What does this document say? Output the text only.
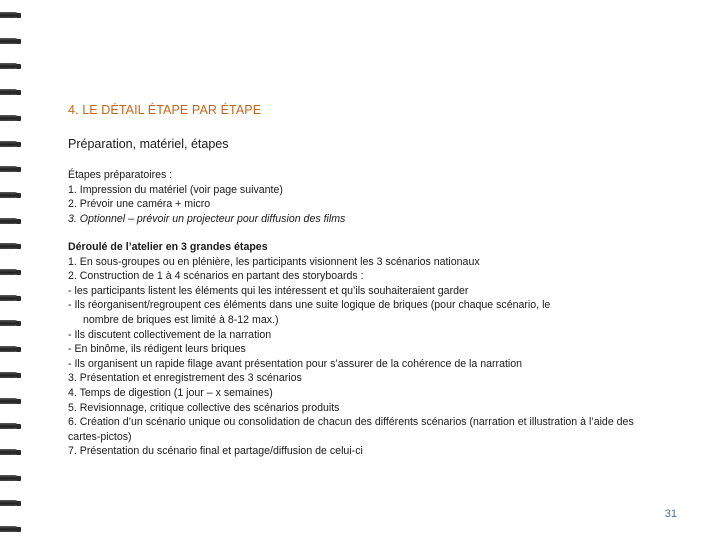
4. LE DÉTAIL ÉTAPE PAR ÉTAPE
Préparation, matériel, étapes
Étapes préparatoires :
1. Impression du matériel (voir page suivante)
2. Prévoir une caméra + micro
3. Optionnel – prévoir un projecteur pour diffusion des films
Déroulé de l’atelier en 3 grandes étapes
1. En sous-groupes ou en plénière, les participants visionnent les 3 scénarios nationaux
2. Construction de 1 à 4 scénarios en partant des storyboards :
- les participants listent les éléments qui les intéressent et qu’ils souhaiteraient garder
- Ils réorganisent/regroupent ces éléments dans une suite logique de briques (pour chaque scénario, le
nombre de briques est limité à 8-12 max.)
- Ils discutent collectivement de la narration
- En binôme, ils rédigent leurs briques
- Ils organisent un rapide filage avant présentation pour s’assurer de la cohérence de la narration
3. Présentation et enregistrement des 3 scénarios
4. Temps de digestion (1 jour – x semaines)
5. Revisionnage, critique collective des scénarios produits
6. Création d’un scénario unique ou consolidation de chacun des différents scénarios (narration et illustration à l’aide des cartes-pictos)
7. Présentation du scénario final et partage/diffusion de celui-ci
31
